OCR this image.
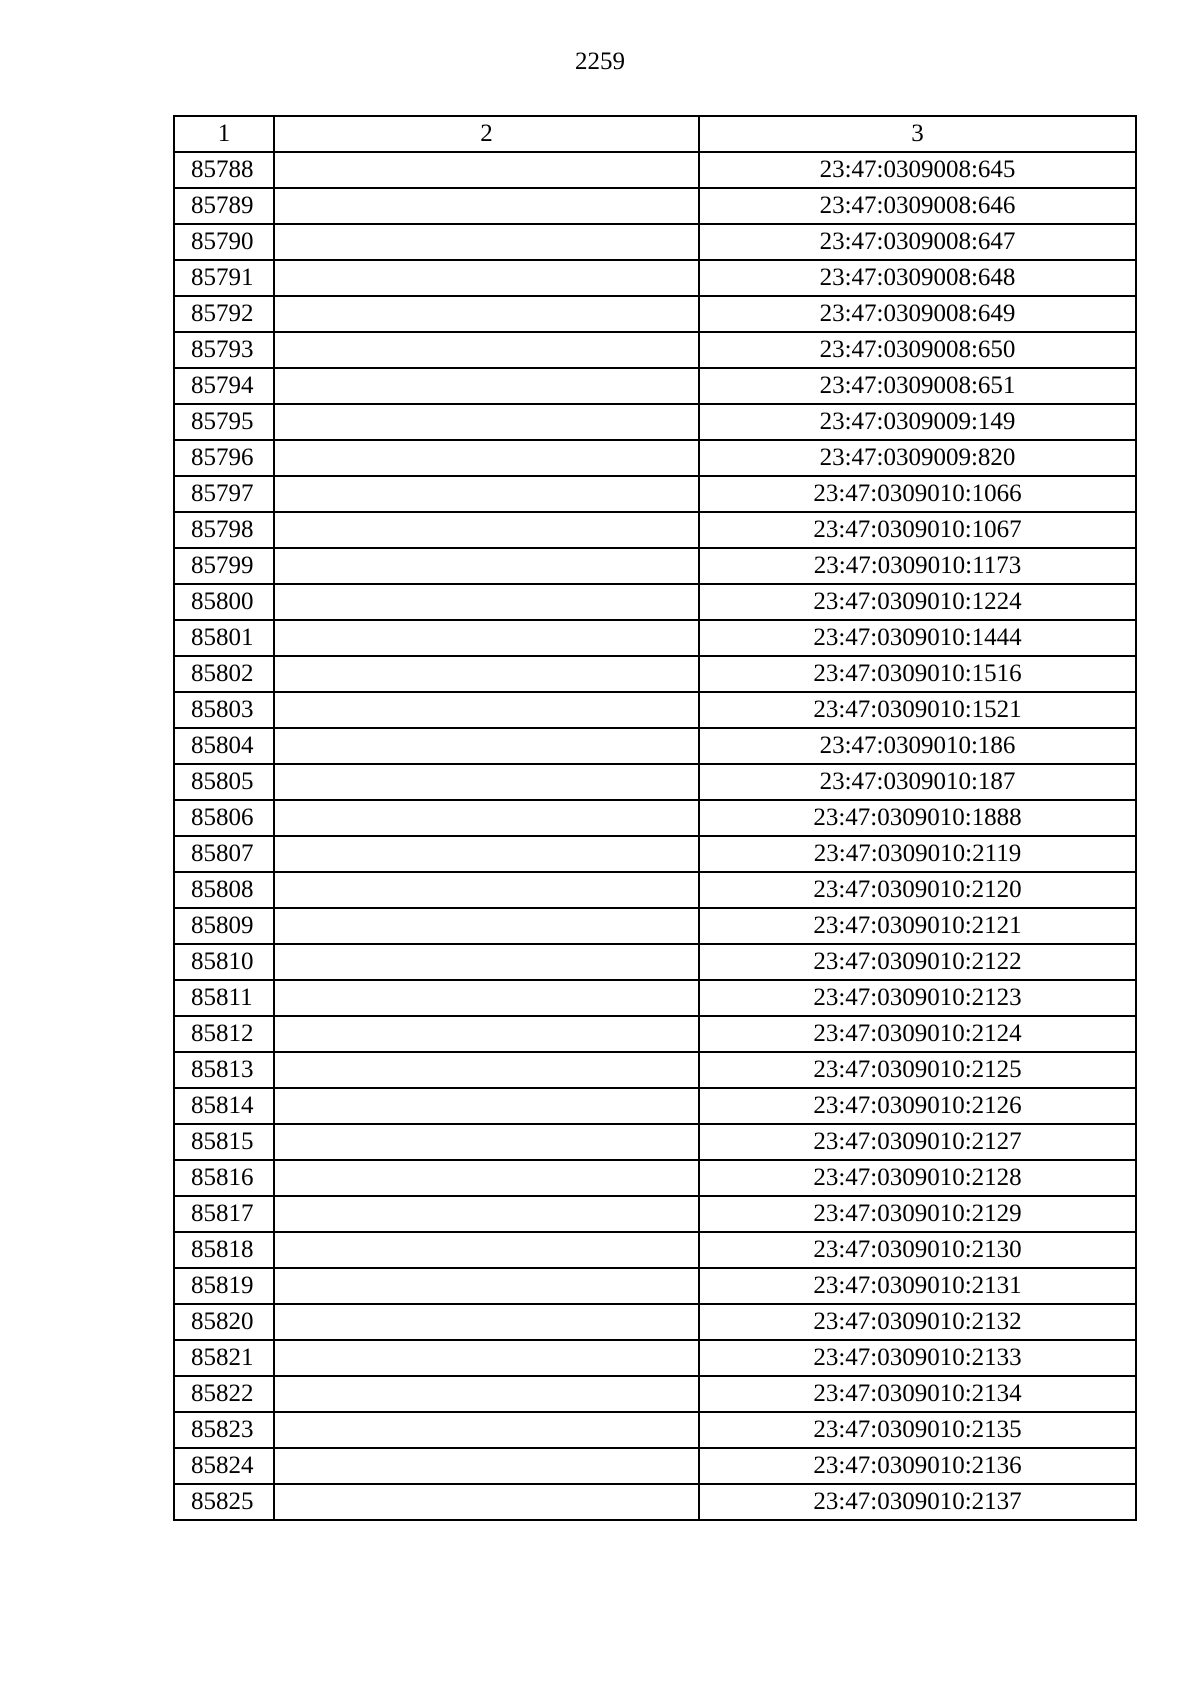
2259
1	2	3
85788		23:47:0309008:645
85789		23:47:0309008:646
85790		23:47:0309008:647
85791		23:47:0309008:648
85792		23:47:0309008:649
85793		23:47:0309008:650
85794		23:47:0309008:651
85795		23:47:0309009:149
85796		23:47:0309009:820
85797		23:47:0309010:1066
85798		23:47:0309010:1067
85799		23:47:0309010:1173
85800		23:47:0309010:1224
85801		23:47:0309010:1444
85802		23:47:0309010:1516
85803		23:47:0309010:1521
85804		23:47:0309010:186
85805		23:47:0309010:187
85806		23:47:0309010:1888
85807		23:47:0309010:2119
85808		23:47:0309010:2120
85809		23:47:0309010:2121
85810		23:47:0309010:2122
85811		23:47:0309010:2123
85812		23:47:0309010:2124
85813		23:47:0309010:2125
85814		23:47:0309010:2126
85815		23:47:0309010:2127
85816		23:47:0309010:2128
85817		23:47:0309010:2129
85818		23:47:0309010:2130
85819		23:47:0309010:2131
85820		23:47:0309010:2132
85821		23:47:0309010:2133
85822		23:47:0309010:2134
85823		23:47:0309010:2135
85824		23:47:0309010:2136
85825		23:47:0309010:2137
